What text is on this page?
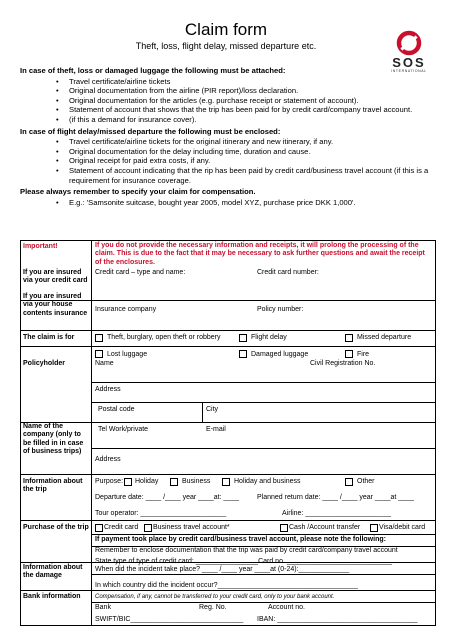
Claim form
Theft, loss, flight delay, missed departure etc.
SOS
INTERNATIONAL
In case of theft, loss or damaged luggage the following must be attached:
• Travel certificate/airline tickets
• Original documentation from the airline (PIR report)/loss declaration.
• Original documentation for the articles (e.g. purchase receipt or statement of account).
• Statement of account that shows that the trip has been paid for by credit card/company travel account.
• (if this a demand for insurance cover).
In case of flight delay/missed departure the following must be enclosed:
• Travel certificate/airline tickets for the original itinerary and new itinerary, if any.
• Original documentation for the delay including time, duration and cause.
• Original receipt for paid extra costs, if any.
• Statement of account indicating that the rip has been paid by credit card/business travel account (if this is a requirement for insurance coverage.
Please always remember to specify your claim for compensation.
• E.g.: 'Samsonite suitcase, bought year 2005, model XYZ, purchase price DKK 1,000'.
Important!	If you do not provide the necessary information and receipts, it will prolong the processing of the claim. This is due to the fact that it may be necessary to ask further questions and await the receipt of the enclosures.
If you are insured via your credit card
Credit card – type and name:	Credit card number:
If you are insured via your house contents insurance
Insurance company	Policy number:
The claim is for	Theft, burglary, open theft or robbery	Flight delay	Missed departure
Lost luggage	Damaged luggage	Fire
Policyholder	Name	Civil Registration No.
Address
Postal code	City
Tel Work/private	E-mail
Name of the company (only to be filled in in case of business trips)
Address
Information about the trip
Purpose: Holiday	Business	Holiday and business	Other
Departure date: ____ /____ year ____at: ____	Planned return date: ____ /____ year ____at ____
Tour operator: ______________________	Airline: ______________________
Purchase of the trip Credit card Business travel account*	Cash /Account transfer	Visa/debit card
If payment took place by credit card/business travel account, please note the following:
Remember to enclose documentation that the trip was paid by credit card/company travel account
State type of type of credit card: ________________Card no. ___________________________
Information about the damage
When did the incident take place? ____ /____ year ____at (0-24):_____________
In which country did the incident occur?____________________________________
Bank information	Compensation, if any, cannot be transferred to your credit card, only to your bank account.
Bank	Reg. No.	Account no.
SWIFT/BIC_____________________________ IBAN: ____________________________________
